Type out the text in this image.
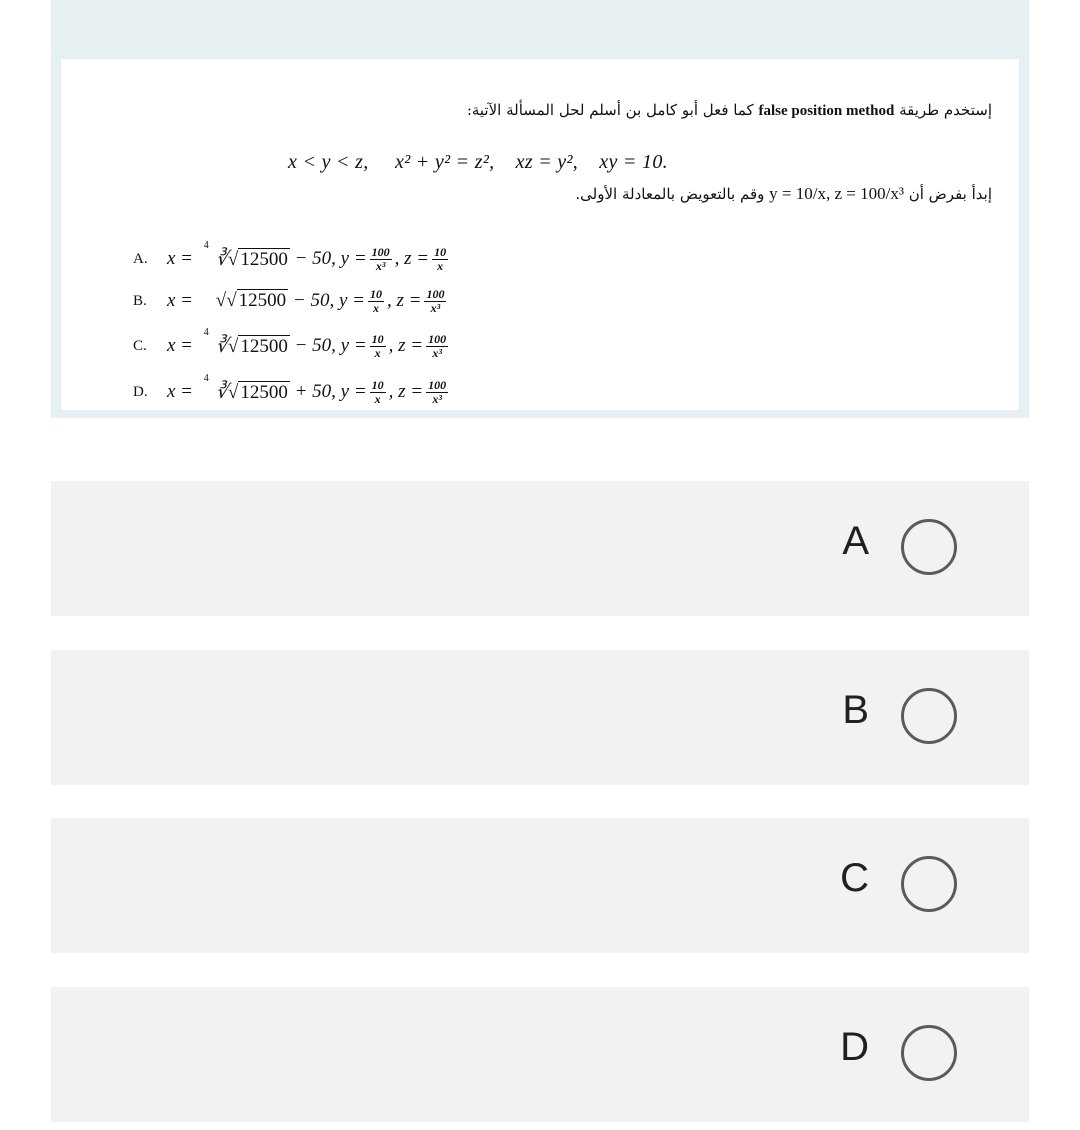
إستخدم طريقة false position method كما فعل أبو كامل بن أسلم لحل المسألة الآتية:
x < y < z,     x² + y² = z²,    xz = y²,    xy = 10.
إبدأ بفرض أن y = 10/x, z = 100/x³ وقم بالتعويض بالمعادلة الأولى.
A.	x =
4
∛√ 12500
− 50, $y = \frac{100}{\text{x³}}$ , $z = \frac{10}{x}$
B.	x = √√ 12500
− 50, $y = \frac{10}{x}$ , $z = \frac{100}{\text{x³}}$
C.	x =
4
∛√ 12500
− 50, $y = \frac{10}{x}$ , $z = \frac{100}{\text{x³}}$
D.	x =
4
∛√ 12500
+ 50, $y = \frac{10}{x}$ , $z = \frac{100}{\text{x³}}$
A
B
C
D
